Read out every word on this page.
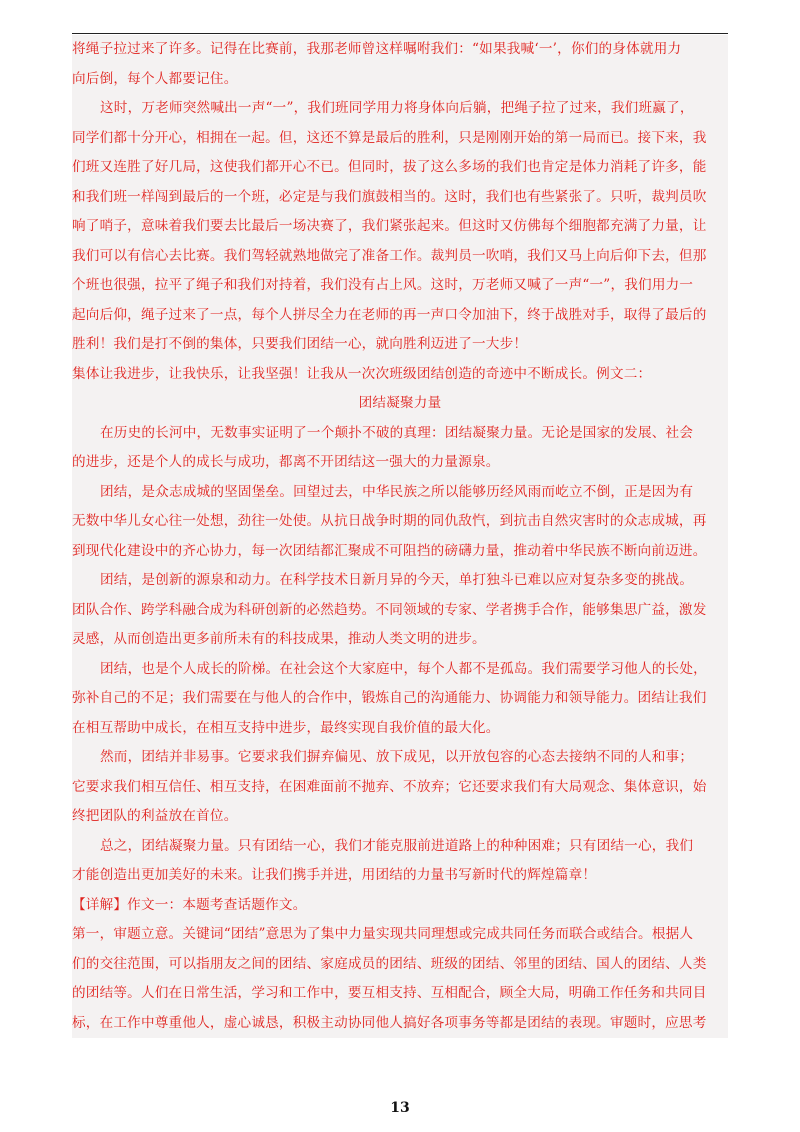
将绳子拉过来了许多。记得在比赛前，我那老师曾这样嘱咐我们：“如果我喊‘一’，你们的身体就用力
向后倒，每个人都要记住。
这时，万老师突然喊出一声“一”，我们班同学用力将身体向后躺，把绳子拉了过来，我们班赢了，
同学们都十分开心，相拥在一起。但，这还不算是最后的胜利，只是刚刚开始的第一局而已。接下来，我
们班又连胜了好几局，这使我们都开心不已。但同时，拔了这么多场的我们也肯定是体力消耗了许多，能
和我们班一样闯到最后的一个班，必定是与我们旗鼓相当的。这时，我们也有些紧张了。只听，裁判员吹
响了哨子，意味着我们要去比最后一场决赛了，我们紧张起来。但这时又仿佛每个细胞都充满了力量，让
我们可以有信心去比赛。我们驾轻就熟地做完了准备工作。裁判员一吹哨，我们又马上向后仰下去，但那
个班也很强，拉平了绳子和我们对持着，我们没有占上风。这时，万老师又喊了一声“一”，我们用力一
起向后仰，绳子过来了一点，每个人拼尽全力在老师的再一声口令加油下，终于战胜对手，取得了最后的
胜利！我们是打不倒的集体，只要我们团结一心，就向胜利迈进了一大步！
集体让我进步，让我快乐，让我坚强！让我从一次次班级团结创造的奇迹中不断成长。例文二：
团结凝聚力量
在历史的长河中，无数事实证明了一个颠扑不破的真理：团结凝聚力量。无论是国家的发展、社会
的进步，还是个人的成长与成功，都离不开团结这一强大的力量源泉。
团结，是众志成城的坚固堡垒。回望过去，中华民族之所以能够历经风雨而屹立不倒，正是因为有
无数中华儿女心往一处想，劲往一处使。从抗日战争时期的同仇敌忾，到抗击自然灾害时的众志成城，再
到现代化建设中的齐心协力，每一次团结都汇聚成不可阻挡的磅礴力量，推动着中华民族不断向前迈进。
团结，是创新的源泉和动力。在科学技术日新月异的今天，单打独斗已难以应对复杂多变的挑战。
团队合作、跨学科融合成为科研创新的必然趋势。不同领域的专家、学者携手合作，能够集思广益，激发
灵感，从而创造出更多前所未有的科技成果，推动人类文明的进步。
团结，也是个人成长的阶梯。在社会这个大家庭中，每个人都不是孤岛。我们需要学习他人的长处，
弥补自己的不足；我们需要在与他人的合作中，锻炼自己的沟通能力、协调能力和领导能力。团结让我们
在相互帮助中成长，在相互支持中进步，最终实现自我价值的最大化。
然而，团结并非易事。它要求我们摒弃偏见、放下成见，以开放包容的心态去接纳不同的人和事；
它要求我们相互信任、相互支持，在困难面前不抛弃、不放弃；它还要求我们有大局观念、集体意识，始
终把团队的利益放在首位。
总之，团结凝聚力量。只有团结一心，我们才能克服前进道路上的种种困难；只有团结一心，我们
才能创造出更加美好的未来。让我们携手并进，用团结的力量书写新时代的辉煌篇章！
【详解】作文一：本题考查话题作文。
第一，审题立意。关键词“团结”意思为了集中力量实现共同理想或完成共同任务而联合或结合。根据人
们的交往范围，可以指朋友之间的团结、家庭成员的团结、班级的团结、邻里的团结、国人的团结、人类
的团结等。人们在日常生活，学习和工作中，要互相支持、互相配合，顾全大局，明确工作任务和共同目
标，在工作中尊重他人，虚心诚恳，积极主动协同他人搞好各项事务等都是团结的表现。审题时，应思考
13
